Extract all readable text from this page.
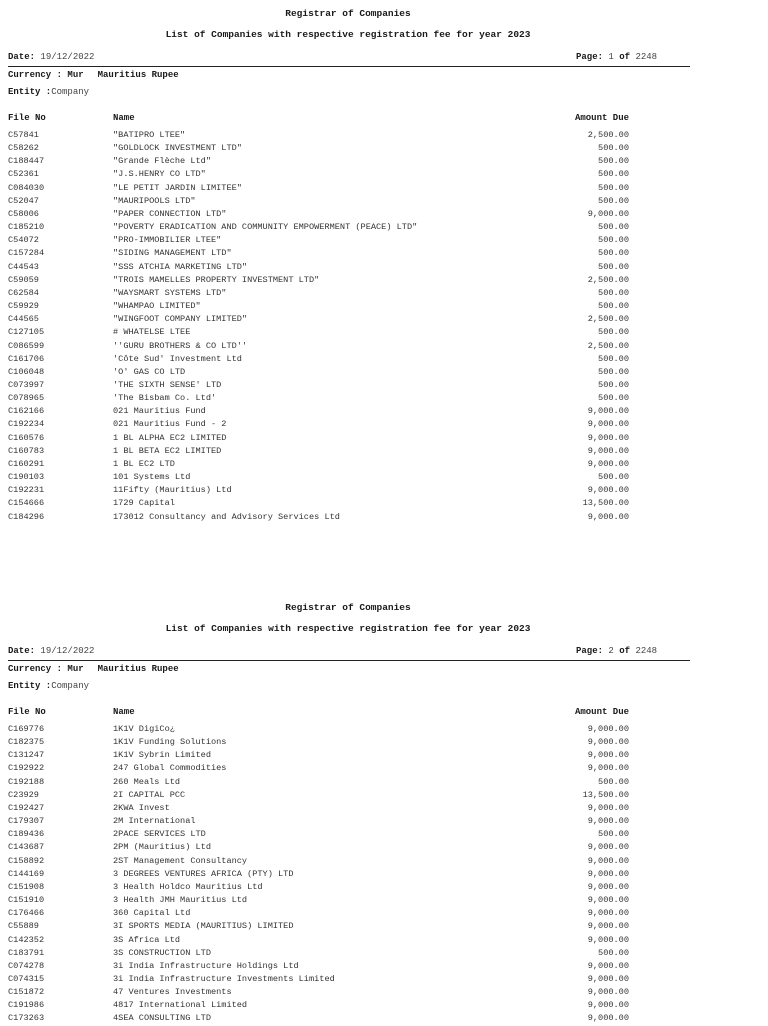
Registrar of Companies
List of Companies with respective registration fee for year 2023
Date: 19/12/2022	Page: 1 of 2248
Currency : Mur Mauritius Rupee
Entity :Company
File No	Name	Amount Due
C57841	"BATIPRO LTEE"	2,500.00
C58262	"GOLDLOCK INVESTMENT LTD"	500.00
C188447	"Grande Flèche Ltd"	500.00
C52361	"J.S.HENRY CO LTD"	500.00
C084030	"LE PETIT JARDIN LIMITEE"	500.00
C52047	"MAURIPOOLS LTD"	500.00
C58006	"PAPER CONNECTION LTD"	9,000.00
C185210	"POVERTY ERADICATION AND COMMUNITY EMPOWERMENT (PEACE) LTD"	500.00
C54072	"PRO-IMMOBILIER LTEE"	500.00
C157284	"SIDING MANAGEMENT LTD"	500.00
C44543	"SSS ATCHIA MARKETING LTD"	500.00
C59059	"TROIS MAMELLES PROPERTY INVESTMENT LTD"	2,500.00
C62584	"WAYSMART SYSTEMS LTD"	500.00
C59929	"WHAMPAO LIMITED"	500.00
C44565	"WINGFOOT COMPANY LIMITED"	2,500.00
C127105	# WHATELSE LTEE	500.00
C086599	''GURU BROTHERS & CO LTD''	2,500.00
C161706	'Côte Sud' Investment Ltd	500.00
C106048	'O' GAS CO LTD	500.00
C073997	'THE SIXTH SENSE' LTD	500.00
C078965	'The Bisbam Co. Ltd'	500.00
C162166	021 Mauritius Fund	9,000.00
C192234	021 Mauritius Fund - 2	9,000.00
C160576	1 BL ALPHA EC2 LIMITED	9,000.00
C160783	1 BL BETA EC2 LIMITED	9,000.00
C160291	1 BL EC2 LTD	9,000.00
C190103	101 Systems Ltd	500.00
C192231	11Fifty (Mauritius) Ltd	9,000.00
C154666	1729 Capital	13,500.00
C184296	173012 Consultancy and Advisory Services Ltd	9,000.00
Registrar of Companies
List of Companies with respective registration fee for year 2023
Date: 19/12/2022	Page: 2 of 2248
Currency : Mur Mauritius Rupee
Entity :Company
File No	Name	Amount Due
C169776	1K1V DigiCo¿	9,000.00
C182375	1K1V Funding Solutions	9,000.00
C131247	1K1V Sybrin Limited	9,000.00
C192922	247 Global Commodities	9,000.00
C192188	260 Meals Ltd	500.00
C23929	2I CAPITAL PCC	13,500.00
C192427	2KWA Invest	9,000.00
C179307	2M International	9,000.00
C189436	2PACE SERVICES LTD	500.00
C143687	2PM (Mauritius) Ltd	9,000.00
C158892	2ST Management Consultancy	9,000.00
C144169	3 DEGREES VENTURES AFRICA (PTY) LTD	9,000.00
C151908	3 Health Holdco Mauritius Ltd	9,000.00
C151910	3 Health JMH Mauritius Ltd	9,000.00
C176466	360 Capital Ltd	9,000.00
C55889	3I SPORTS MEDIA (MAURITIUS) LIMITED	9,000.00
C142352	3S Africa Ltd	9,000.00
C183791	3S CONSTRUCTION LTD	500.00
C074278	3i India Infrastructure Holdings Ltd	9,000.00
C074315	3i India Infrastructure Investments Limited	9,000.00
C151872	47 Ventures Investments	9,000.00
C191986	4817 International Limited	9,000.00
C173263	4SEA CONSULTING LTD	9,000.00
